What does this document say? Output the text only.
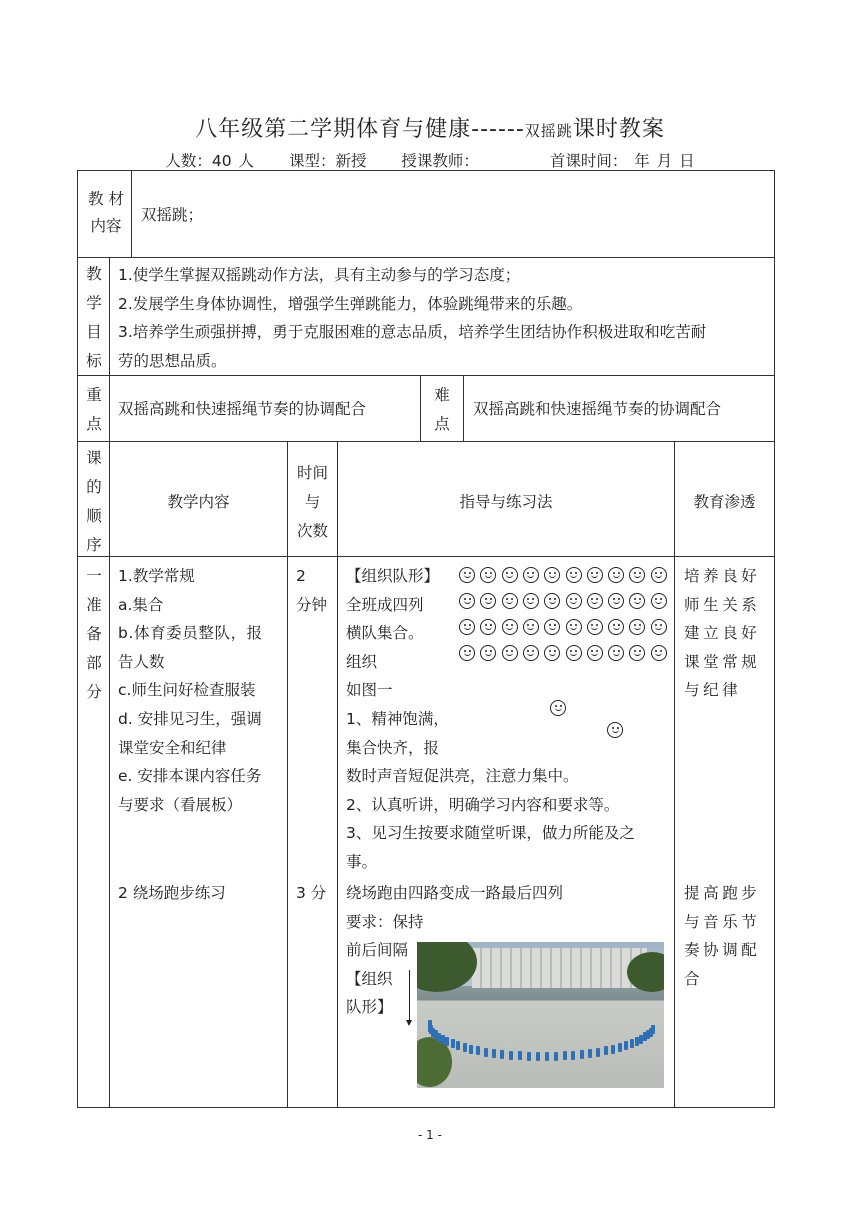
八年级第二学期体育与健康------双摇跳课时教案
人数：40 人 课型：新授 授课教师：	首课时间： 年 月 日
教 材
内容
双摇跳；
教
学
目
标
1.使学生掌握双摇跳动作方法，具有主动参与的学习态度；
2.发展学生身体协调性，增强学生弹跳能力，体验跳绳带来的乐趣。
3.培养学生顽强拼搏，勇于克服困难的意志品质，培养学生团结协作积极进取和吃苦耐
劳的思想品质。
重
点
双摇高跳和快速摇绳节奏的协调配合
难
点
双摇高跳和快速摇绳节奏的协调配合
课
的
顺
序
教学内容
时间
与
次数
指导与练习法	教育渗透
一
准
备
部
分
1.教学常规
a.集合
b.体育委员整队，报
告人数
c.师生问好检查服装
d. 安排见习生，强调
课堂安全和纪律
e. 安排本课内容任务
与要求（看展板）
2 绕场跑步练习
2
分钟
3 分
【组织队形】
全班成四列
横队集合。
组织
如图一
1、精神饱满，
集合快齐，报
数时声音短促洪亮，注意力集中。
2、认真听讲，明确学习内容和要求等。
3、见习生按要求随堂听课，做力所能及之
事。
绕场跑由四路变成一路最后四列
要求：保持
前后间隔
【组织
队形】
培养良好
师生关系
建立良好
课堂常规
与纪律
提高跑步
与音乐节
奏协调配
合
- 1 -
